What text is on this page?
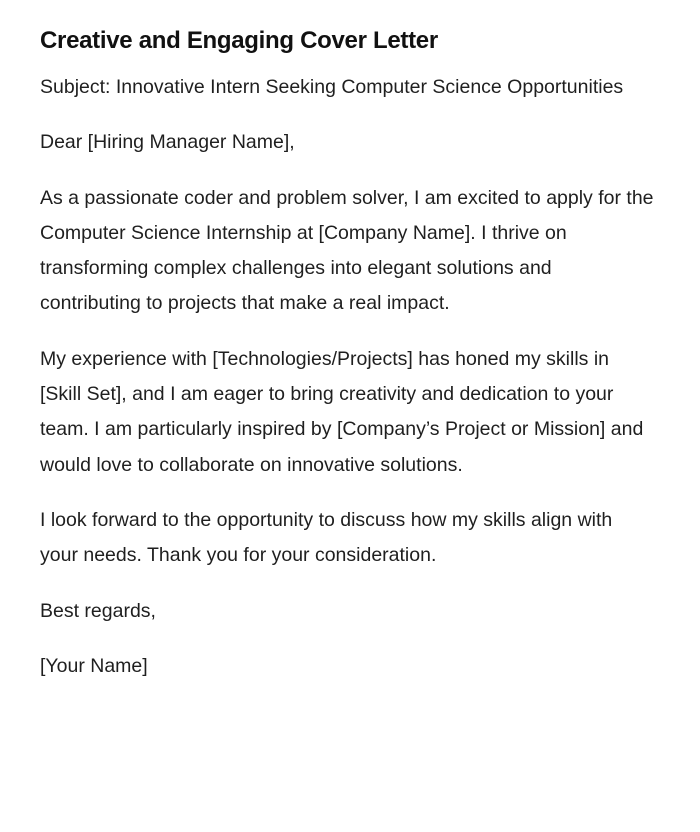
Creative and Engaging Cover Letter

Subject: Innovative Intern Seeking Computer Science Opportunities

Dear [Hiring Manager Name],

As a passionate coder and problem solver, I am excited to apply for the Computer Science Internship at [Company Name]. I thrive on transforming complex challenges into elegant solutions and contributing to projects that make a real impact.

My experience with [Technologies/Projects] has honed my skills in [Skill Set], and I am eager to bring creativity and dedication to your team. I am particularly inspired by [Company’s Project or Mission] and would love to collaborate on innovative solutions.

I look forward to the opportunity to discuss how my skills align with your needs. Thank you for your consideration.

Best regards,

[Your Name]
